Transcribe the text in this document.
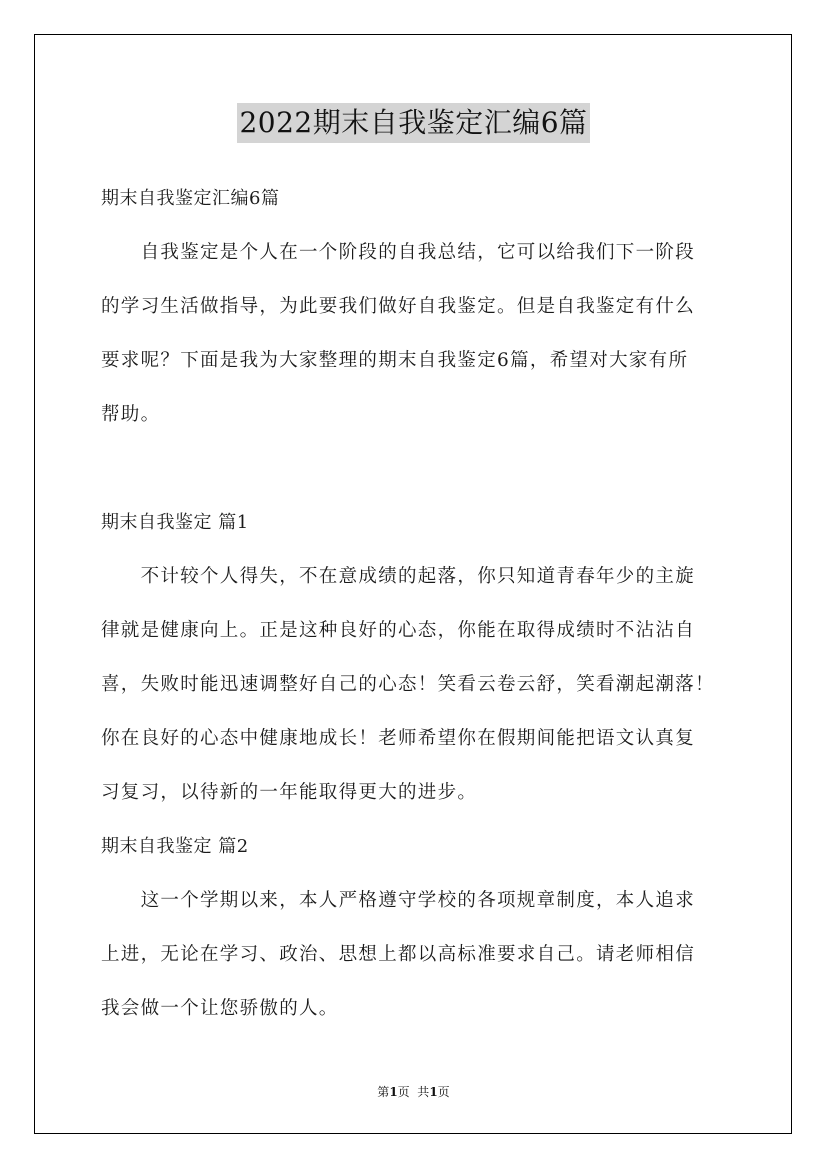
2022期末自我鉴定汇编6篇
期末自我鉴定汇编6篇
　　自我鉴定是个人在一个阶段的自我总结，它可以给我们下一阶段
的学习生活做指导，为此要我们做好自我鉴定。但是自我鉴定有什么
要求呢？下面是我为大家整理的期末自我鉴定6篇，希望对大家有所
帮助。
期末自我鉴定 篇1
　　不计较个人得失，不在意成绩的起落，你只知道青春年少的主旋
律就是健康向上。正是这种良好的心态，你能在取得成绩时不沾沾自
喜，失败时能迅速调整好自己的心态！笑看云卷云舒，笑看潮起潮落！
你在良好的心态中健康地成长！老师希望你在假期间能把语文认真复
习复习，以待新的一年能取得更大的进步。
期末自我鉴定 篇2
　　这一个学期以来，本人严格遵守学校的各项规章制度，本人追求
上进，无论在学习、政治、思想上都以高标准要求自己。请老师相信
我会做一个让您骄傲的人。
第1页  共1页
